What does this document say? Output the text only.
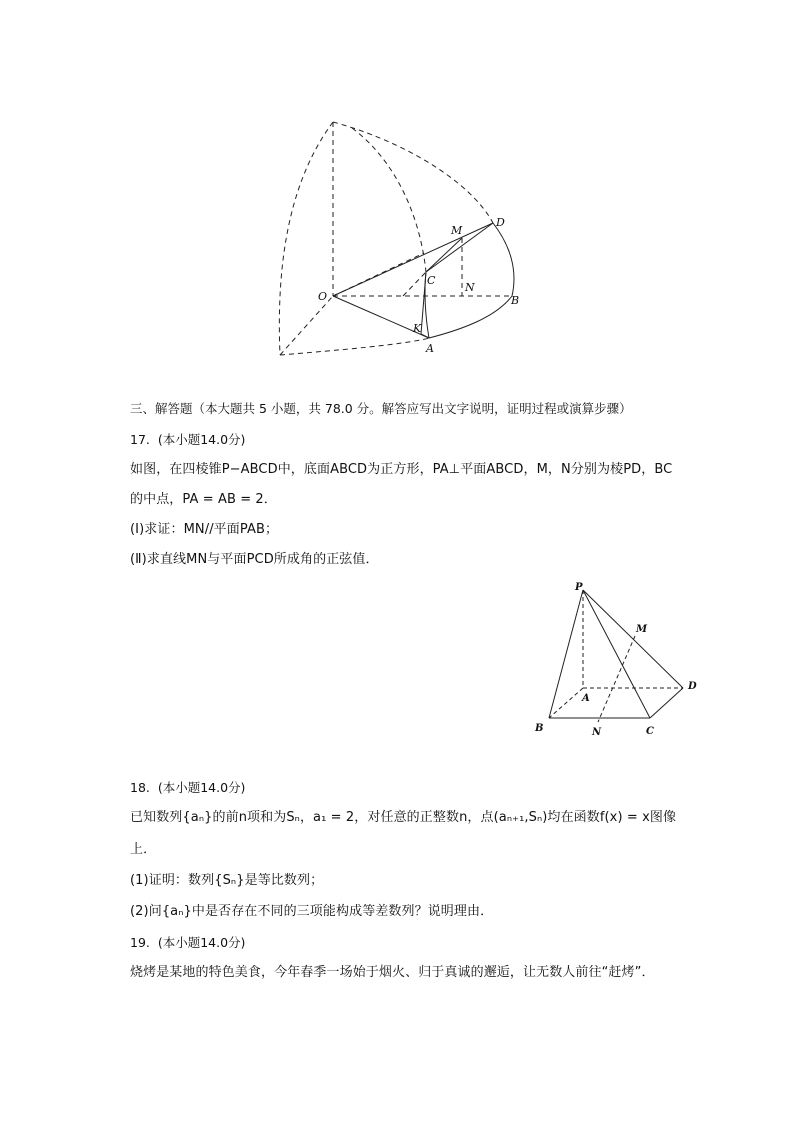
O
A
B
C
D
M
N
K
三、解答题（本大题共 5 小题，共 78.0 分。解答应写出文字说明，证明过程或演算步骤）
17. (本小题14.0分)
如图，在四棱锥P−ABCD中，底面ABCD为正方形，PA⊥平面ABCD，M，N分别为棱PD，BC
的中点，PA = AB = 2．
(Ⅰ)求证：MN//平面PAB；
(Ⅱ)求直线MN与平面PCD所成角的正弦值．
P
M
A
B	N	C
D
18. (本小题14.0分)
已知数列{aₙ}的前n项和为Sₙ，a₁ = 2，对任意的正整数n，点(aₙ₊₁,Sₙ)均在函数f(x) = x图像
上．
(1)证明：数列{Sₙ}是等比数列；
(2)问{aₙ}中是否存在不同的三项能构成等差数列？说明理由．
19. (本小题14.0分)
烧烤是某地的特色美食，今年春季一场始于烟火、归于真诚的邂逅，让无数人前往“赶烤”．
